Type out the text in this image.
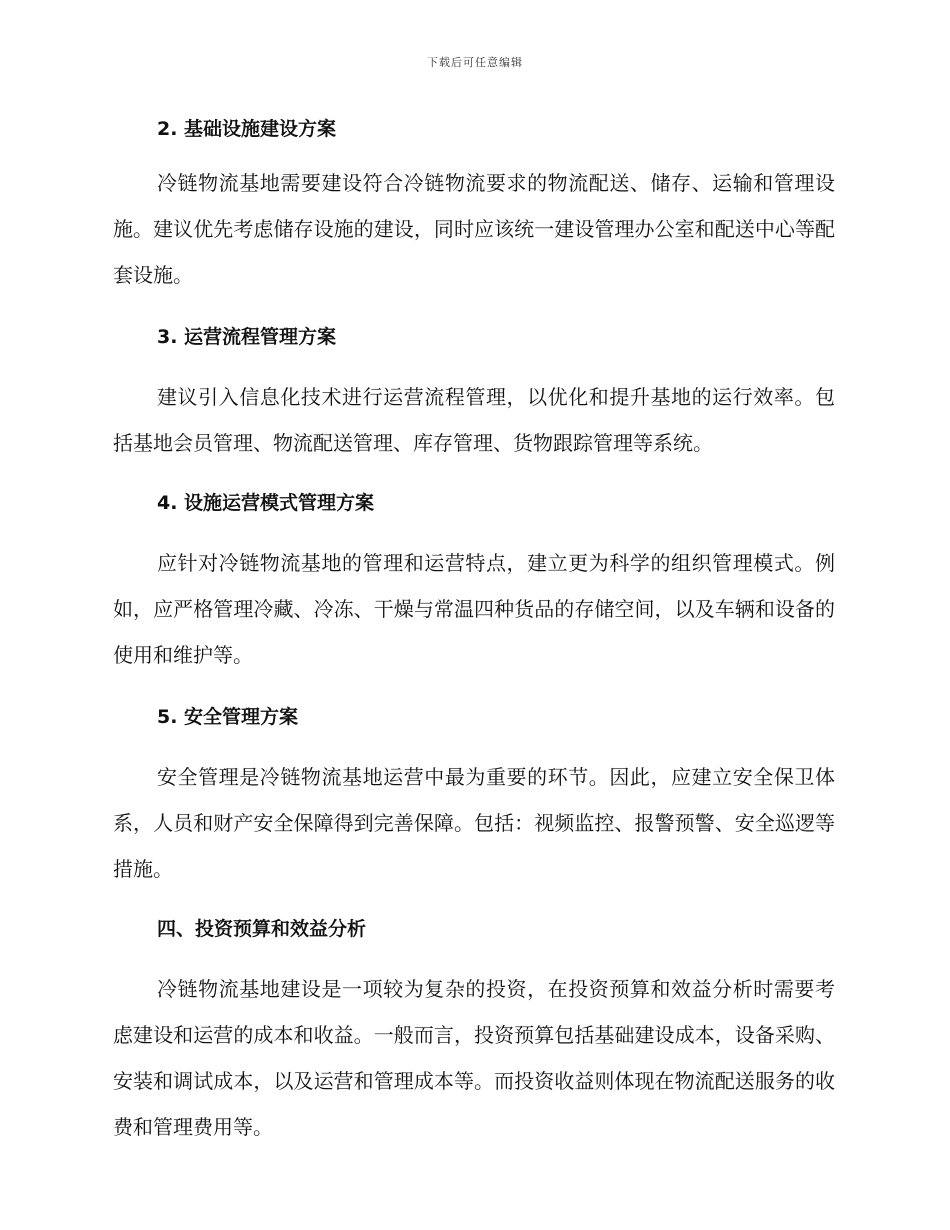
下载后可任意编辑
2. 基础设施建设方案

冷链物流基地需要建设符合冷链物流要求的物流配送、储存、运输和管理设施。建议优先考虑储存设施的建设，同时应该统一建设管理办公室和配送中心等配套设施。

3. 运营流程管理方案

建议引入信息化技术进行运营流程管理，以优化和提升基地的运行效率。包括基地会员管理、物流配送管理、库存管理、货物跟踪管理等系统。

4. 设施运营模式管理方案

应针对冷链物流基地的管理和运营特点，建立更为科学的组织管理模式。例如，应严格管理冷藏、冷冻、干燥与常温四种货品的存储空间，以及车辆和设备的使用和维护等。

5. 安全管理方案

安全管理是冷链物流基地运营中最为重要的环节。因此，应建立安全保卫体系，人员和财产安全保障得到完善保障。包括：视频监控、报警预警、安全巡逻等措施。

四、投资预算和效益分析

冷链物流基地建设是一项较为复杂的投资，在投资预算和效益分析时需要考虑建设和运营的成本和收益。一般而言，投资预算包括基础建设成本，设备采购、安装和调试成本，以及运营和管理成本等。而投资收益则体现在物流配送服务的收费和管理费用等。
